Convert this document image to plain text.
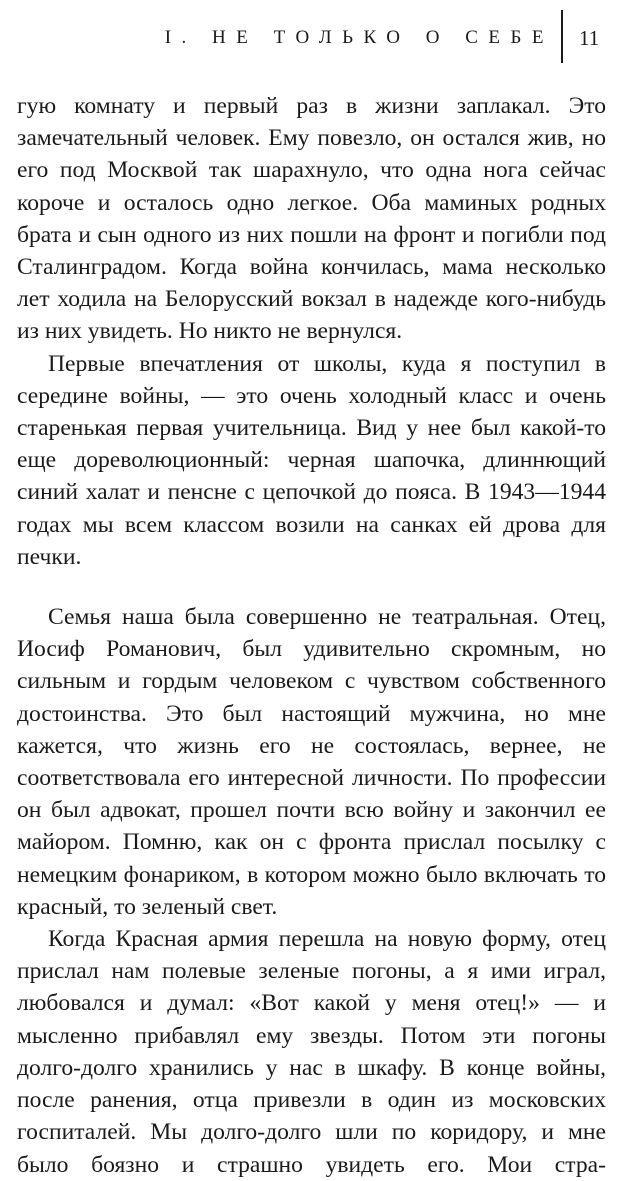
I. НЕ ТОЛЬКО О СЕБЕ 11

гую комнату и первый раз в жизни заплакал. Это замечательный человек. Ему повезло, он остался жив, но его под Москвой так шарахнуло, что одна нога сейчас короче и осталось одно легкое. Оба маминых родных брата и сын одного из них пошли на фронт и погибли под Сталинградом. Когда война кончилась, мама несколько лет ходила на Белорусский вокзал в надежде кого-нибудь из них увидеть. Но никто не вернулся.

Первые впечатления от школы, куда я поступил в середине войны, — это очень холодный класс и очень старенькая первая учительница. Вид у нее был какой-то еще дореволюционный: черная шапочка, длиннющий синий халат и пенсне с цепочкой до пояса. В 1943—1944 годах мы всем классом возили на санках ей дрова для печки.

Семья наша была совершенно не театральная. Отец, Иосиф Романович, был удивительно скромным, но сильным и гордым человеком с чувством собственного достоинства. Это был настоящий мужчина, но мне кажется, что жизнь его не состоялась, вернее, не соответствовала его интересной личности. По профессии он был адвокат, прошел почти всю войну и закончил ее майором. Помню, как он с фронта прислал посылку с немецким фонариком, в котором можно было включать то красный, то зеленый свет.

Когда Красная армия перешла на новую форму, отец прислал нам полевые зеленые погоны, а я ими играл, любовался и думал: «Вот какой у меня отец!» — и мысленно прибавлял ему звезды. Потом эти погоны долго-долго хранились у нас в шкафу. В конце войны, после ранения, отца привезли в один из московских госпиталей. Мы долго-долго шли по коридору, и мне было боязно и страшно увидеть его. Мои стра-
